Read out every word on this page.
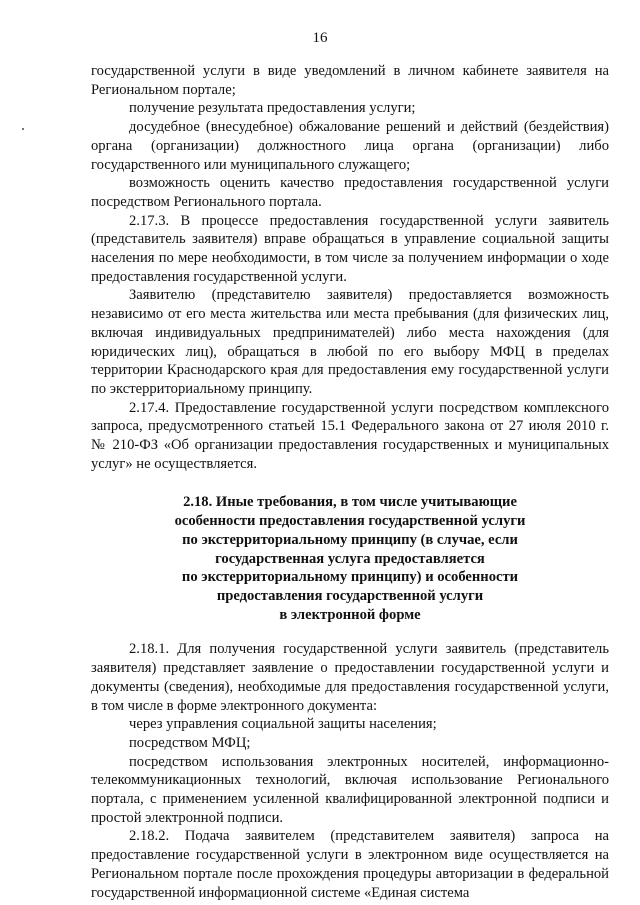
16

государственной услуги в виде уведомлений в личном кабинете заявителя на Региональном портале;

получение результата предоставления услуги;

досудебное (внесудебное) обжалование решений и действий (бездействия) органа (организации) должностного лица органа (организации) либо государственного или муниципального служащего;

возможность оценить качество предоставления государственной услуги посредством Регионального портала.

2.17.3. В процессе предоставления государственной услуги заявитель (представитель заявителя) вправе обращаться в управление социальной защиты населения по мере необходимости, в том числе за получением информации о ходе предоставления государственной услуги.

Заявителю (представителю заявителя) предоставляется возможность независимо от его места жительства или места пребывания (для физических лиц, включая индивидуальных предпринимателей) либо места нахождения (для юридических лиц), обращаться в любой по его выбору МФЦ в пределах территории Краснодарского края для предоставления ему государственной услуги по экстерриториальному принципу.

2.17.4. Предоставление государственной услуги посредством комплексного запроса, предусмотренного статьей 15.1 Федерального закона от 27 июля 2010 г. № 210-ФЗ «Об организации предоставления государственных и муниципальных услуг» не осуществляется.

2.18. Иные требования, в том числе учитывающие
особенности предоставления государственной услуги
по экстерриториальному принципу (в случае, если
государственная услуга предоставляется
по экстерриториальному принципу) и особенности
предоставления государственной услуги
в электронной форме

2.18.1. Для получения государственной услуги заявитель (представитель заявителя) представляет заявление о предоставлении государственной услуги и документы (сведения), необходимые для предоставления государственной услуги, в том числе в форме электронного документа:

через управления социальной защиты населения;

посредством МФЦ;

посредством использования электронных носителей, информационно-телекоммуникационных технологий, включая использование Регионального портала, с применением усиленной квалифицированной электронной подписи и простой электронной подписи.

2.18.2. Подача заявителем (представителем заявителя) запроса на предоставление государственной услуги в электронном виде осуществляется на Региональном портале после прохождения процедуры авторизации в федеральной государственной информационной системе «Единая система
